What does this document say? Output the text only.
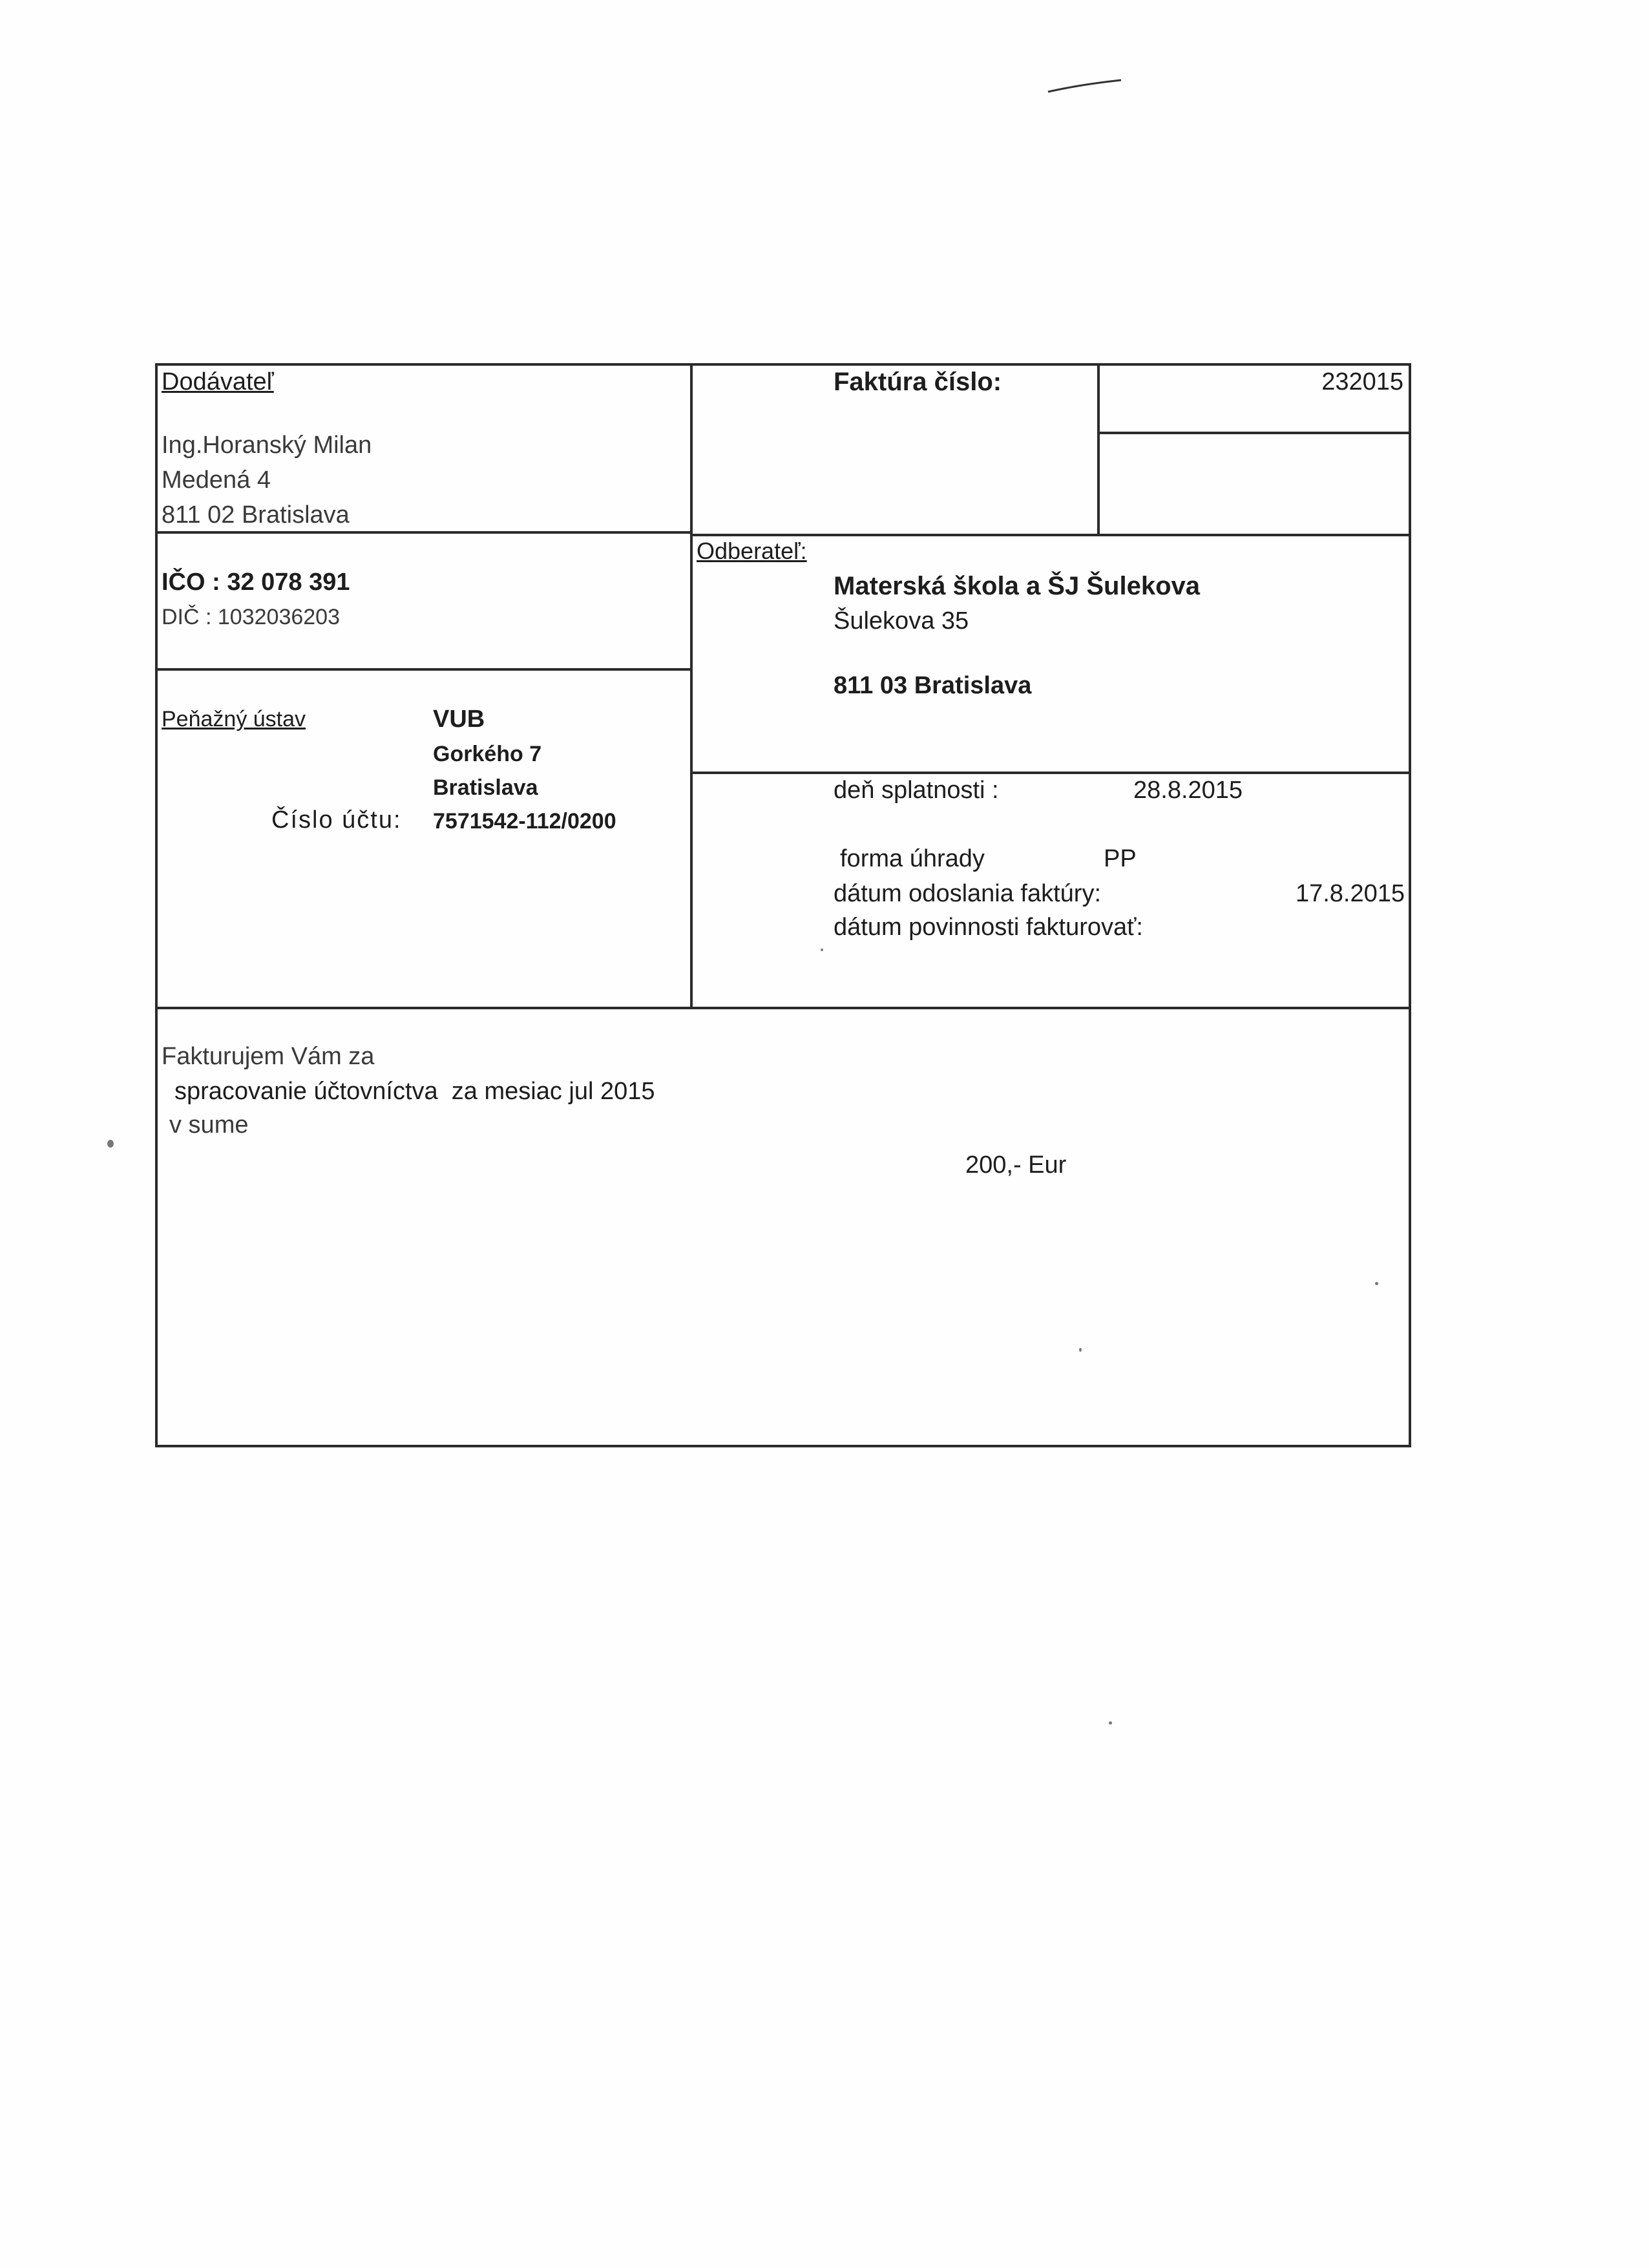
Dodávateľ
Ing.Horanský Milan
Medená 4
811 02 Bratislava
IČO : 32 078 391
DIČ : 1032036203
Peňažný ústav	VUB
Gorkého 7
Bratislava
Číslo účtu: 7571542-112/0200
Faktúra číslo:	232015
Odberateľ:
Materská škola a ŠJ Šulekova
Šulekova 35
811 03 Bratislava
deň splatnosti :	28.8.2015
forma úhrady	PP
dátum odoslania faktúry:	17.8.2015
dátum povinnosti fakturovať:
Fakturujem Vám za
spracovanie účtovníctva  za mesiac jul 2015
v sume
200,- Eur
